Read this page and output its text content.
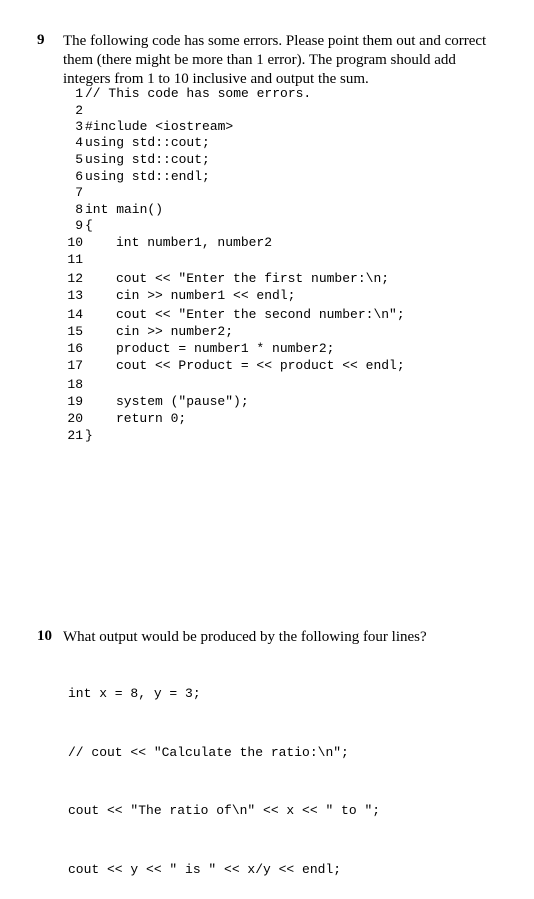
9 The following code has some errors. Please point them out and correct
them (there might be more than 1 error). The program should add
integers from 1 to 10 inclusive and output the sum.
1 // This code has some errors.
2
3 #include <iostream>
4 using std::cout;
5 using std::cout;
6 using std::endl;
7
8 int main()
9 {
10	int number1, number2
11
12	cout << "Enter the first number:\n;
13	cin >> number1 << endl;
14	cout << "Enter the second number:\n";
15	cin >> number2;
16	product = number1 * number2;
17	cout << Product = << product << endl;
18
19	system ("pause");
20	return 0;
21 }
10 What output would be produced by the following four lines?

int x = 8, y = 3;

// cout << "Calculate the ratio:\n";

cout << "The ratio of\n" << x << " to ";

cout << y << " is " << x/y << endl;
